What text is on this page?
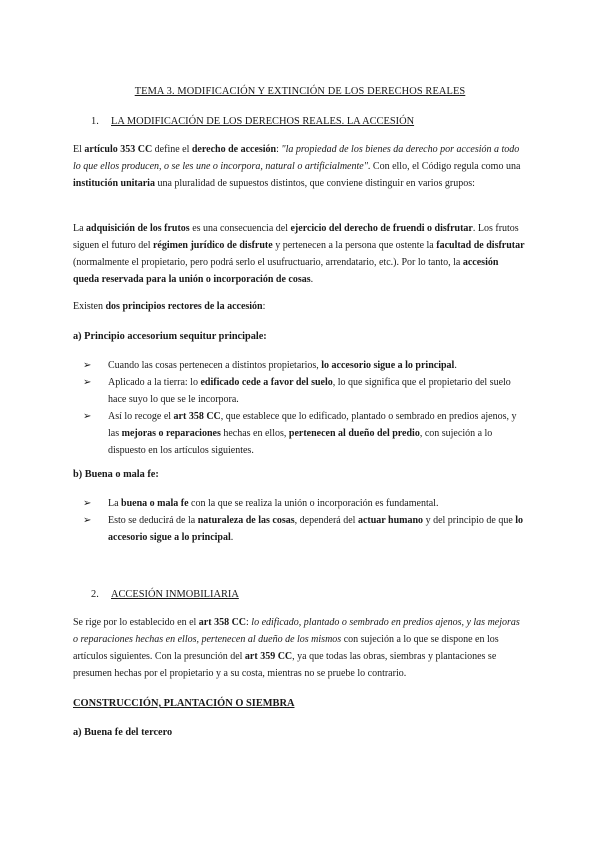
TEMA 3. MODIFICACIÓN Y EXTINCIÓN DE LOS DERECHOS REALES
1. LA MODIFICACIÓN DE LOS DERECHOS REALES. LA ACCESIÓN
El artículo 353 CC define el derecho de accesión: "la propiedad de los bienes da derecho por accesión a todo lo que ellos producen, o se les une o incorpora, natural o artificialmente". Con ello, el Código regula como una institución unitaria una pluralidad de supuestos distintos, que conviene distinguir en varios grupos:
La adquisición de los frutos es una consecuencia del ejercicio del derecho de fruendi o disfrutar. Los frutos siguen el futuro del régimen jurídico de disfrute y pertenecen a la persona que ostente la facultad de disfrutar (normalmente el propietario, pero podrá serlo el usufructuario, arrendatario, etc.). Por lo tanto, la accesión queda reservada para la unión o incorporación de cosas.
Existen dos principios rectores de la accesión:
a) Principio accesorium sequitur principale:
➢ Cuando las cosas pertenecen a distintos propietarios, lo accesorio sigue a lo principal.
➢ Aplicado a la tierra: lo edificado cede a favor del suelo, lo que significa que el propietario del suelo hace suyo lo que se le incorpora.
➢ Así lo recoge el art 358 CC, que establece que lo edificado, plantado o sembrado en predios ajenos, y las mejoras o reparaciones hechas en ellos, pertenecen al dueño del predio, con sujeción a lo dispuesto en los artículos siguientes.
b) Buena o mala fe:
➢ La buena o mala fe con la que se realiza la unión o incorporación es fundamental.
➢ Esto se deducirá de la naturaleza de las cosas, dependerá del actuar humano y del principio de que lo accesorio sigue a lo principal.
2. ACCESIÓN INMOBILIARIA
Se rige por lo establecido en el art 358 CC: lo edificado, plantado o sembrado en predios ajenos, y las mejoras o reparaciones hechas en ellos, pertenecen al dueño de los mismos con sujeción a lo que se dispone en los artículos siguientes. Con la presunción del art 359 CC, ya que todas las obras, siembras y plantaciones se presumen hechas por el propietario y a su costa, mientras no se pruebe lo contrario.
CONSTRUCCIÓN, PLANTACIÓN O SIEMBRA
a) Buena fe del tercero
